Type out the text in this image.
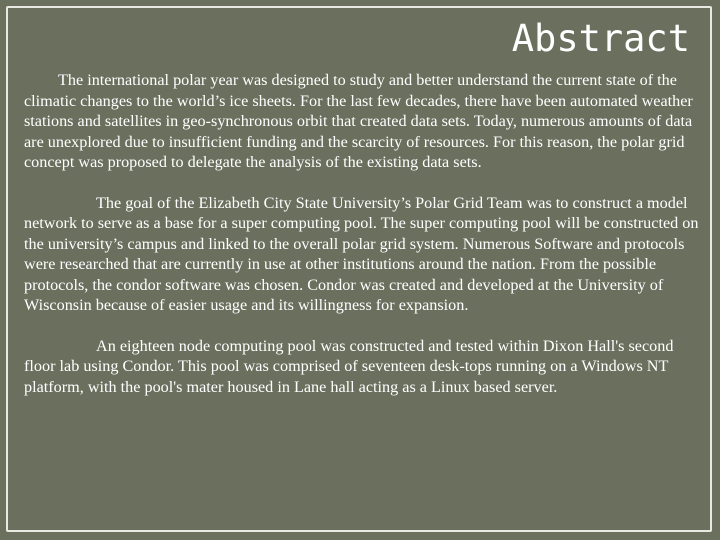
Abstract

The international polar year was designed to study and better understand the current state of the climatic changes to the world’s ice sheets. For the last few decades, there have been automated weather stations and satellites in geo-synchronous orbit that created data sets. Today, numerous amounts of data are unexplored due to insufficient funding and the scarcity of resources. For this reason, the polar grid concept was proposed to delegate the analysis of the existing data sets.

The goal of the Elizabeth City State University’s Polar Grid Team was to construct a model network to serve as a base for a super computing pool. The super computing pool will be constructed on the university’s campus and linked to the overall polar grid system. Numerous Software and protocols were researched that are currently in use at other institutions around the nation. From the possible protocols, the condor software was chosen. Condor was created and developed at the University of Wisconsin because of easier usage and its willingness for expansion.

An eighteen node computing pool was constructed and tested within Dixon Hall's second floor lab using Condor. This pool was comprised of seventeen desk-tops running on a Windows NT platform, with the pool's mater housed in Lane hall acting as a Linux based server.
